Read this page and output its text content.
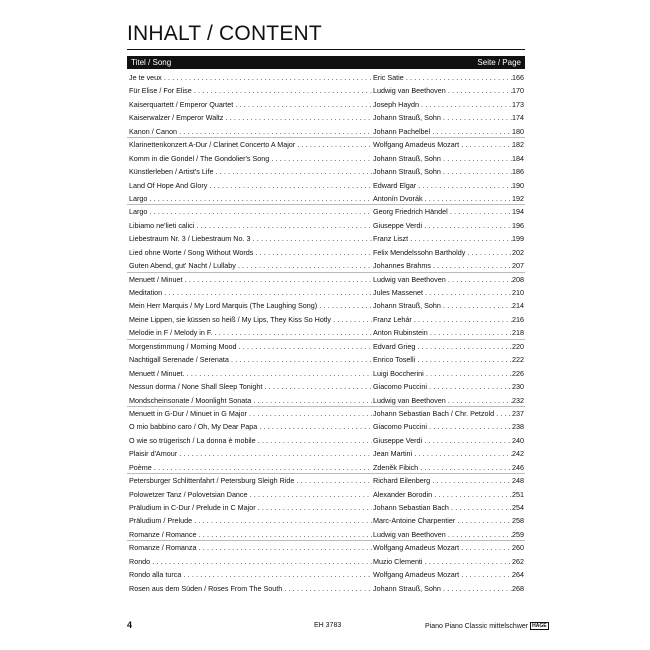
INHALT / CONTENT
Titel / Song	Seite / Page
Je te veux . . .	Eric Satie . . .	166
Für Elise / For Elise . . .	Ludwig van Beethoven . . .	170
Kaiserquartett / Emperor Quartet . . .	Joseph Haydn . . .	173
Kaiserwalzer / Emperor Waltz . . .	Johann Strauß, Sohn . . .	174
Kanon / Canon . . .	Johann Pachelbel . . .	180
Klarinettenkonzert A-Dur / Clarinet Concerto A Major . . .	Wolfgang Amadeus Mozart . . .	182
Komm in die Gondel / The Gondolier's Song . . .	Johann Strauß, Sohn . . .	184
Künstlerleben / Artist's Life . . .	Johann Strauß, Sohn . . .	186
Land Of Hope And Glory . . .	Edward Elgar . . .	190
Largo . . .	Antonín Dvorák . . .	192
Largo . . .	Georg Friedrich Händel . . .	194
Libiamo ne'lieti calici . . .	Giuseppe Verdi . . .	196
Liebestraum Nr. 3 / Liebestraum No. 3 . . .	Franz Liszt . . .	199
Lied ohne Worte / Song Without Words . . .	Felix Mendelssohn Bartholdy . . .	202
Guten Abend, gut' Nacht / Lullaby . . .	Johannes Brahms . . .	207
Menuett / Minuet . . .	Ludwig van Beethoven . . .	208
Meditation . . .	Jules Massenet . . .	210
Mein Herr Marquis / My Lord Marquis (The Laughing Song) . . .	Johann Strauß, Sohn . . .	214
Meine Lippen, sie küssen so heiß / My Lips, They Kiss So Hotly . . .	Franz Lehár . . .	216
Melodie in F / Melody in F. . . .	Anton Rubinstein . . .	218
Morgenstimmung / Morning Mood . . .	Edvard Grieg . . .	220
Nachtigall Serenade / Serenata . . .	Enrico Toselli . . .	222
Menuett / Minuet. . . .	Luigi Boccherini . . .	226
Nessun dorma / None Shall Sleep Tonight . . .	Giacomo Puccini . . .	230
Mondscheinsonate / Moonlight Sonata . . .	Ludwig van Beethoven . . .	232
Menuett in G-Dur / Minuet in G Major . . .	Johann Sebastian Bach / Chr. Petzold . . .	237
O mio babbino caro / Oh, My Dear Papa . . .	Giacomo Puccini . . .	238
O wie so trügerisch / La donna è mobile . . .	Giuseppe Verdi . . .	240
Plaisir d'Amour . . .	Jean Martini . . .	242
Poème . . .	Zdenĕk Fibich . . .	246
Petersburger Schlittenfahrt / Petersburg Sleigh Ride . . .	Richard Eilenberg . . .	248
Polowetzer Tanz / Polovetsian Dance . . .	Alexander Borodin . . .	251
Präludium in C-Dur / Prelude in C Major . . .	Johann Sebastian Bach . . .	254
Präludium / Prelude . . .	Marc-Antoine Charpentier . . .	258
Romanze / Romance . . .	Ludwig van Beethoven . . .	259
Romanze / Romanza . . .	Wolfgang Amadeus Mozart . . .	260
Rondo . . .	Muzio Clementi . . .	262
Rondo alla turca . . .	Wolfgang Amadeus Mozart . . .	264
Rosen aus dem Süden / Roses From The South . . .	Johann Strauß, Sohn . . .	268
4	EH 3783	Piano Piano Classic mittelschwer HAGE
